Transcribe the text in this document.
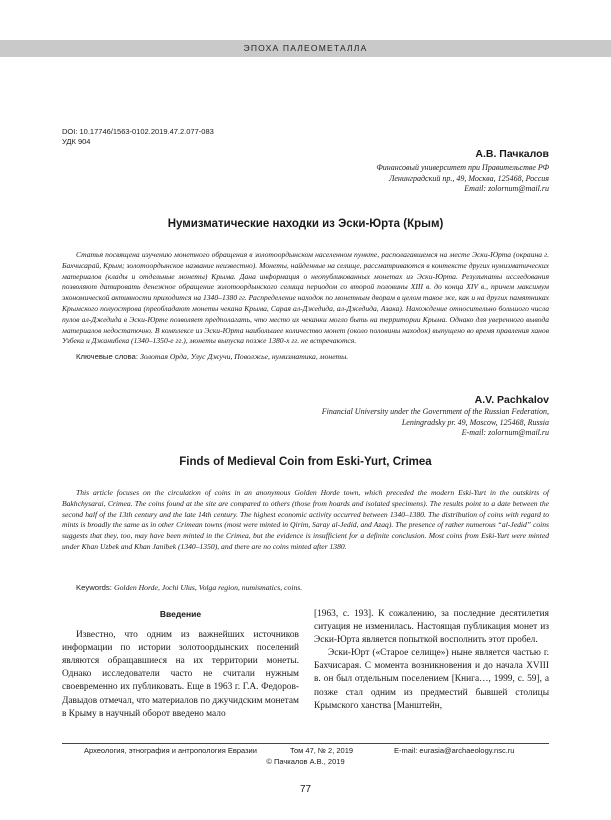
ЭПОХА ПАЛЕОМЕТАЛЛА
DOI: 10.17746/1563-0102.2019.47.2.077-083
УДК 904
А.В. Пачкалов
Финансовый университет при Правительстве РФ
Ленинградский пр., 49, Москва, 125468, Россия
Email: zolornum@mail.ru
Нумизматические находки из Эски-Юрта (Крым)
Статья посвящена изучению монетного обращения в золотоордынском населенном пункте, располагавшемся на месте Эски-Юрта (окраина г. Бахчисарай, Крым; золотоордынское название неизвестно). Монеты, найденные на селище, рассматриваются в контексте других нумизматических материалов (клады и отдельные монеты) Крыма. Дана информация о неопубликованных монетах из Эски-Юрта. Результаты исследования позволяют датировать денежное обращение золотоордынского селища периодом со второй половины XIII в. до конца XIV в., причем максимум экономической активности приходится на 1340–1380 гг. Распределение находок по монетным дворам в целом такое же, как и на других памятниках Крымского полуострова (преобладают монеты чекана Крыма, Сарая ал-Джедида, ал-Джедида, Азака). Нахождение относительно большого числа пулов ал-Джедида в Эски-Юрте позволяет предполагать, что место их чеканки могло быть на территории Крыма. Однако для уверенного вывода материалов недостаточно. В комплексе из Эски-Юрта наибольшее количество монет (около половины находок) выпущено во время правления ханов Узбека и Джанибека (1340–1350-е гг.), монеты выпуска позже 1380-х гг. не встречаются.
Ключевые слова: Золотая Орда, Улус Джучи, Поволжье, нумизматика, монеты.
A.V. Pachkalov
Financial University under the Government of the Russian Federation,
Leningradsky pr. 49, Moscow, 125468, Russia
E-mail: zolornum@mail.ru
Finds of Medieval Coin from Eski-Yurt, Crimea
This article focuses on the circulation of coins in an anonymous Golden Horde town, which preceded the modern Eski-Yurt in the outskirts of Bakhchysarai, Crimea. The coins found at the site are compared to others (those from hoards and isolated specimens). The results point to a date between the second half of the 13th century and the late 14th century. The highest economic activity occurred between 1340–1380. The distribution of coins with regard to mints is broadly the same as in other Crimean towns (most were minted in Qirim, Saray al-Jedid, and Azaq). The presence of rather numerous “al-Jedid” coins suggests that they, too, may have been minted in the Crimea, but the evidence is insufficient for a definite conclusion. Most coins from Eski-Yurt were minted under Khan Uzbek and Khan Janibek (1340–1350), and there are no coins minted after 1380.
Keywords: Golden Horde, Jochi Ulus, Volga region, numismatics, coins.
Введение

Известно, что одним из важнейших источников информации по истории золотоордынских поселений являются обращавшиеся на их территории монеты. Однако исследователи часто не считали нужным своевременно их публиковать. Еще в 1963 г. Г.А. Федоров-Давыдов отмечал, что материалов по джучидским монетам в Крыму в научный оборот введено мало

[1963, с. 193]. К сожалению, за последние десятилетия ситуация не изменилась. Настоящая публикация монет из Эски-Юрта является попыткой восполнить этот пробел.

Эски-Юрт («Старое селище») ныне является частью г. Бахчисарая. С момента возникновения и до начала XVIII в. он был отдельным поселением [Книга…, 1999, с. 59], а позже стал одним из предместий бывшей столицы Крымского ханства [Манштейн,

Археология, этнография и антропология Евразии	Том 47, № 2, 2019	E-mail: eurasia@archaeology.nsc.ru
© Пачкалов А.В., 2019
77
